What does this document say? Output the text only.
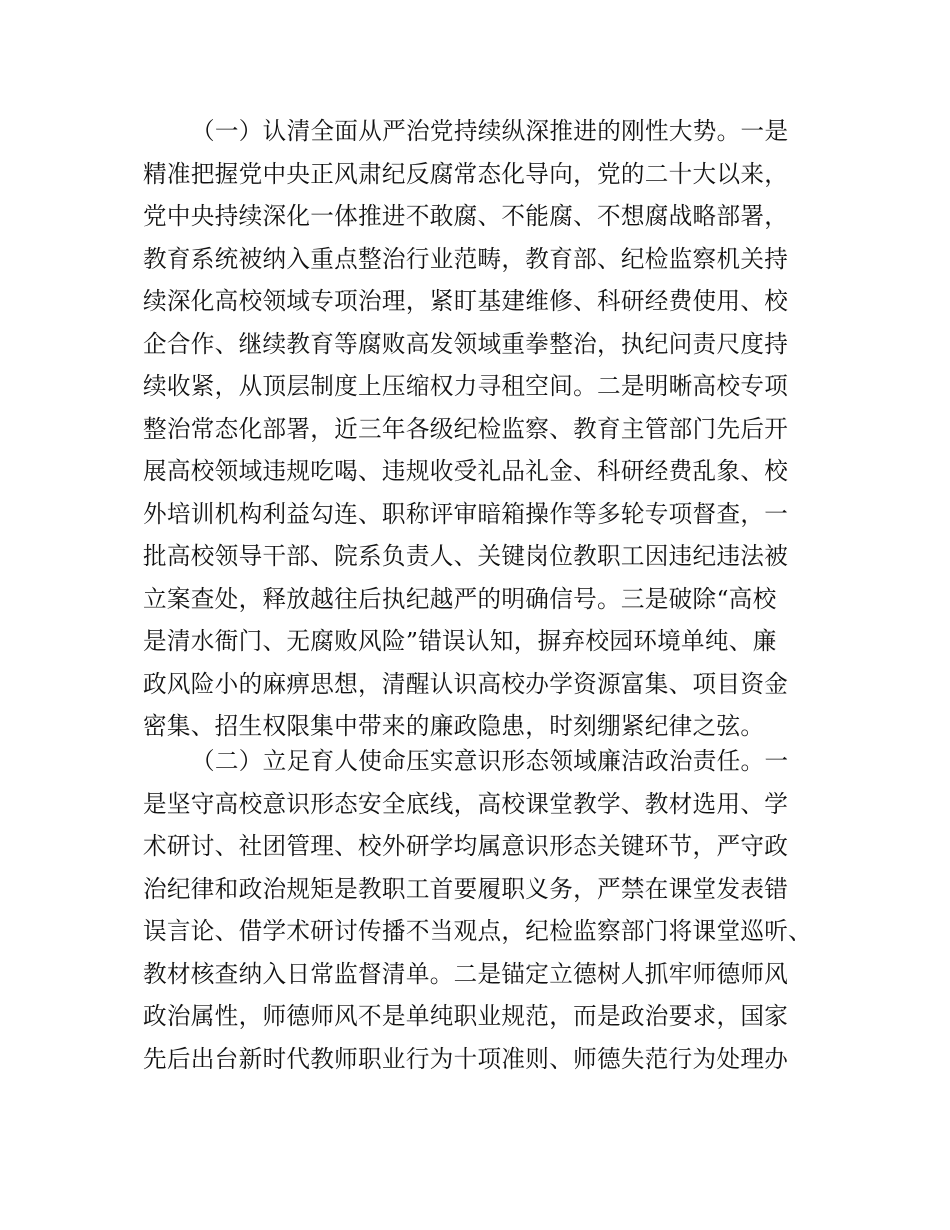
（一）认清全面从严治党持续纵深推进的刚性大势。一是
精准把握党中央正风肃纪反腐常态化导向，党的二十大以来，
党中央持续深化一体推进不敢腐、不能腐、不想腐战略部署，
教育系统被纳入重点整治行业范畴，教育部、纪检监察机关持
续深化高校领域专项治理，紧盯基建维修、科研经费使用、校
企合作、继续教育等腐败高发领域重拳整治，执纪问责尺度持
续收紧，从顶层制度上压缩权力寻租空间。二是明晰高校专项
整治常态化部署，近三年各级纪检监察、教育主管部门先后开
展高校领域违规吃喝、违规收受礼品礼金、科研经费乱象、校
外培训机构利益勾连、职称评审暗箱操作等多轮专项督查，一
批高校领导干部、院系负责人、关键岗位教职工因违纪违法被
立案查处，释放越往后执纪越严的明确信号。三是破除“高校
是清水衙门、无腐败风险”错误认知，摒弃校园环境单纯、廉
政风险小的麻痹思想，清醒认识高校办学资源富集、项目资金
密集、招生权限集中带来的廉政隐患，时刻绷紧纪律之弦。
（二）立足育人使命压实意识形态领域廉洁政治责任。一
是坚守高校意识形态安全底线，高校课堂教学、教材选用、学
术研讨、社团管理、校外研学均属意识形态关键环节，严守政
治纪律和政治规矩是教职工首要履职义务，严禁在课堂发表错
误言论、借学术研讨传播不当观点，纪检监察部门将课堂巡听、
教材核查纳入日常监督清单。二是锚定立德树人抓牢师德师风
政治属性，师德师风不是单纯职业规范，而是政治要求，国家
先后出台新时代教师职业行为十项准则、师德失范行为处理办
